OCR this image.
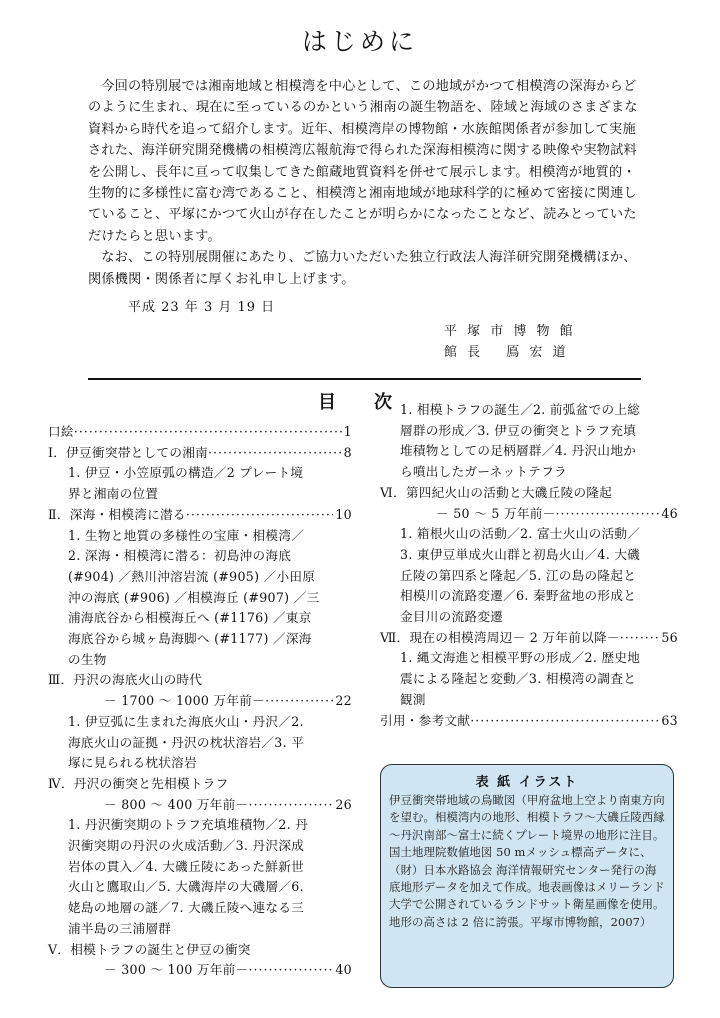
はじめに

今回の特別展では湘南地域と相模湾を中心として、この地域がかつて相模湾の深海からどのように生まれ、現在に至っているのかという湘南の誕生物語を、陸域と海域のさまざまな資料から時代を追って紹介します。近年、相模湾岸の博物館・水族館関係者が参加して実施された、海洋研究開発機構の相模湾広報航海で得られた深海相模湾に関する映像や実物試料を公開し、長年に亘って収集してきた館蔵地質資料を併せて展示します。相模湾が地質的・生物的に多様性に富む湾であること、相模湾と湘南地域が地球科学的に極めて密接に関連していること、平塚にかつて火山が存在したことが明らかになったことなど、読みとっていただけたらと思います。

なお、この特別展開催にあたり、ご協力いただいた独立行政法人海洋研究開発機構ほか、関係機関・関係者に厚くお礼申し上げます。

平成 23 年 3 月 19 日
平 塚 市 博 物 館
館 長　 鳫 宏 道
目　次
口絵 ·····	1
Ⅰ．伊豆衝突帯としての湘南 ·····	8
1. 伊豆・小笠原弧の構造／2 プレート境
界と湘南の位置
Ⅱ．深海・相模湾に潜る ·····	10
1. 生物と地質の多様性の宝庫・相模湾／
2. 深海・相模湾に潜る：初島沖の海底
(#904) ／熱川沖溶岩流 (#905) ／小田原
沖の海底 (#906) ／相模海丘 (#907) ／三
浦海底谷から相模海丘へ (#1176) ／東京
海底谷から城ヶ島海脚へ (#1177) ／深海
の生物
Ⅲ．丹沢の海底火山の時代
－ 1700 ～ 1000 万年前－ ·····	22
1. 伊豆弧に生まれた海底火山・丹沢／2.
海底火山の証拠・丹沢の枕状溶岩／3. 平
塚に見られる枕状溶岩
Ⅳ．丹沢の衝突と先相模トラフ
－ 800 ～ 400 万年前－ ·····	26
1. 丹沢衝突期のトラフ充填堆積物／2. 丹
沢衝突期の丹沢の火成活動／3. 丹沢深成
岩体の貫入／4. 大磯丘陵にあった鮮新世
火山と鷹取山／5. 大磯海岸の大磯層／6.
姥島の地層の謎／7. 大磯丘陵へ連なる三
浦半島の三浦層群
Ⅴ．相模トラフの誕生と伊豆の衝突
－ 300 ～ 100 万年前－ ·····	40
1. 相模トラフの誕生／2. 前弧盆での上総
層群の形成／3. 伊豆の衝突とトラフ充填
堆積物としての足柄層群／4. 丹沢山地か
ら噴出したガーネットテフラ
Ⅵ．第四紀火山の活動と大磯丘陵の隆起
－ 50 ～ 5 万年前－ ·····	46
1. 箱根火山の活動／2. 富士火山の活動／
3. 東伊豆単成火山群と初島火山／4. 大磯
丘陵の第四系と隆起／5. 江の島の隆起と
相模川の流路変遷／6. 秦野盆地の形成と
金目川の流路変遷
Ⅶ．現在の相模湾周辺－ 2 万年前以降－ ·····	56
1. 縄文海進と相模平野の形成／2. 歴史地
震による隆起と変動／3. 相模湾の調査と
観測
引用・参考文献 ·····	63
表 紙 イラスト

伊豆衝突帯地域の鳥瞰図（甲府盆地上空より南東方向を望む。相模湾内の地形、相模トラフ～大磯丘陵西縁～丹沢南部～富士に続くプレート境界の地形に注目。国土地理院数値地図 50 mメッシュ標高データに、（財）日本水路協会 海洋情報研究センター発行の海底地形データを加えて作成。地表画像はメリーランド大学で公開されているランドサット衛星画像を使用。地形の高さは 2 倍に誇張。平塚市博物館，2007）
